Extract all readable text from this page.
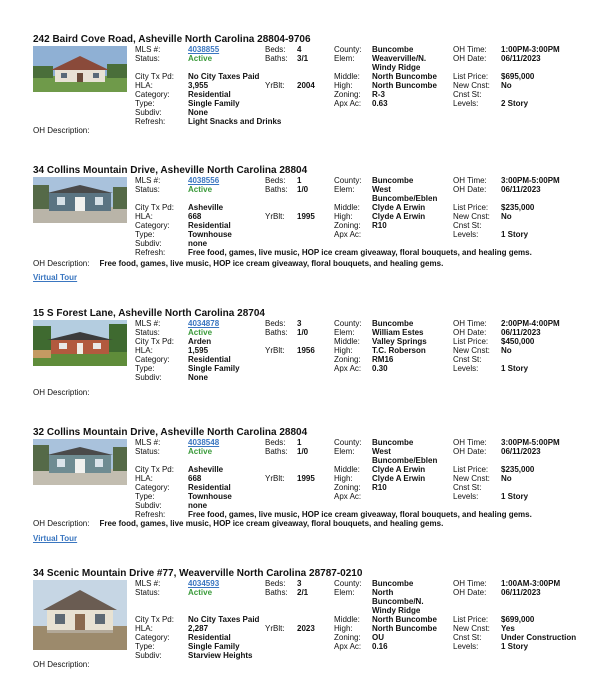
242 Baird Cove Road, Asheville North Carolina 28804-9706
MLS #:	4038855	Beds: 4	County: Buncombe	OH Time: 1:00PM-3:00PM
Status:	Active	Baths: 3/1	Elem: Weaverville/N. Windy Ridge
OH Date: 06/11/2023
City Tx Pd: No City Taxes Paid	Middle: North Buncombe	List Price: $695,000
HLA:	3,955	YrBlt: 2004 High: North Buncombe	New Cnst: No
Category: Residential	Zoning: R-3	Cnst St:
Type:	Single Family	Apx Ac: 0.63	Levels:	2 Story
Subdiv:	None
Refresh:	Light Snacks and Drinks
OH Description:
34 Collins Mountain Drive, Asheville North Carolina 28804
MLS #:	4038556	Beds: 1	County: Buncombe	OH Time: 3:00PM-5:00PM
Status:	Active	Baths: 1/0	Elem: West Buncombe/Eblen
OH Date: 06/11/2023
City Tx Pd: Asheville	Middle: Clyde A Erwin	List Price: $235,000
HLA:	668	YrBlt: 1995 High: Clyde A Erwin	New Cnst: No
Category: Residential	Zoning: R10	Cnst St:
Type:	Townhouse	Apx Ac:	Levels:	1 Story
Subdiv:	none
Refresh:	Free food, games, live music, HOP ice cream giveaway, floral bouquets, and healing gems.
OH Description: Free food, games, live music, HOP ice cream giveaway, floral bouquets, and healing gems.
Virtual Tour
15 S Forest Lane, Asheville North Carolina 28704
MLS #:	4034878	Beds: 3	County: Buncombe	OH Time: 2:00PM-4:00PM
Status:	Active	Baths: 1/0	Elem: William Estes	OH Date: 06/11/2023
City Tx Pd: Arden	Middle: Valley Springs	List Price: $450,000
HLA:	1,595	YrBlt: 1956 High: T.C. Roberson	New Cnst: No
Category: Residential	Zoning: RM16	Cnst St:
Type:	Single Family	Apx Ac: 0.30	Levels:	1 Story
Subdiv:	None
OH Description:
32 Collins Mountain Drive, Asheville North Carolina 28804
MLS #:	4038548	Beds: 1	County: Buncombe	OH Time: 3:00PM-5:00PM
Status:	Active	Baths: 1/0	Elem: West Buncombe/Eblen
OH Date: 06/11/2023
City Tx Pd: Asheville	Middle: Clyde A Erwin	List Price: $235,000
HLA:	668	YrBlt: 1995 High: Clyde A Erwin	New Cnst: No
Category: Residential	Zoning: R10	Cnst St:
Type:	Townhouse	Apx Ac:	Levels:	1 Story
Subdiv:	none
Refresh:	Free food, games, live music, HOP ice cream giveaway, floral bouquets, and healing gems.
OH Description: Free food, games, live music, HOP ice cream giveaway, floral bouquets, and healing gems.
Virtual Tour
34 Scenic Mountain Drive #77, Weaverville North Carolina 28787-0210
MLS #:	4034593	Beds: 3	County: Buncombe	OH Time: 1:00AM-3:00PM
Status:	Active	Baths: 2/1	Elem: North Buncombe/N. Windy Ridge
OH Date: 06/11/2023
City Tx Pd: No City Taxes Paid	Middle: North Buncombe	List Price: $699,000
HLA:	2,287	YrBlt: 2023 High: North Buncombe	New Cnst: Yes
Category: Residential	Zoning: OU	Cnst St: Under Construction
Type:	Single Family	Apx Ac: 0.16	Levels:	1 Story
Subdiv:	Starview Heights
OH Description:
